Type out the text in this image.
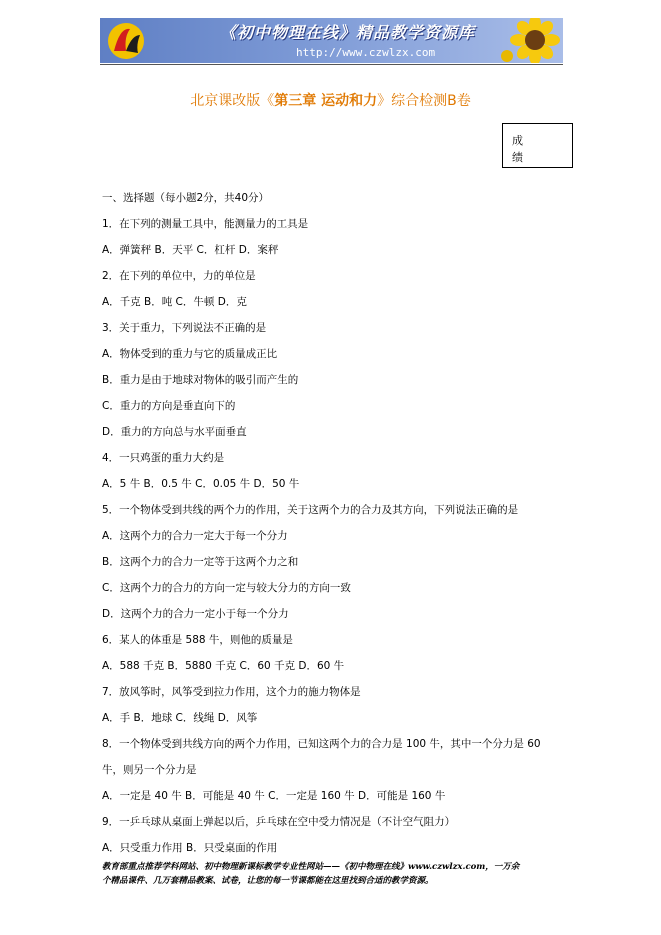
《初中物理在线》精品教学资源库
http://www.czwlzx.com
北京课改版《第三章 运动和力》综合检测B卷
成
绩
一、选择题（每小题2分，共40分）
1．在下列的测量工具中，能测量力的工具是
A．弹簧秤 B．天平 C．杠杆 D．案秤
2．在下列的单位中，力的单位是
A．千克 B．吨 C．牛顿 D．克
3．关于重力，下列说法不正确的是
A．物体受到的重力与它的质量成正比
B．重力是由于地球对物体的吸引而产生的
C．重力的方向是垂直向下的
D．重力的方向总与水平面垂直
4．一只鸡蛋的重力大约是
A．5 牛 B．0.5 牛 C．0.05 牛 D．50 牛
5．一个物体受到共线的两个力的作用，关于这两个力的合力及其方向，下列说法正确的是
A．这两个力的合力一定大于每一个分力
B．这两个力的合力一定等于这两个力之和
C．这两个力的合力的方向一定与较大分力的方向一致
D．这两个力的合力一定小于每一个分力
6．某人的体重是 588 牛，则他的质量是
A．588 千克 B．5880 千克 C．60 千克 D．60 牛
7．放风筝时，风筝受到拉力作用，这个力的施力物体是
A．手 B．地球 C．线绳 D．风筝
8．一个物体受到共线方向的两个力作用，已知这两个力的合力是 100 牛，其中一个分力是 60
牛，则另一个分力是
A．一定是 40 牛 B．可能是 40 牛 C．一定是 160 牛 D．可能是 160 牛
9．一乒乓球从桌面上弹起以后，乒乓球在空中受力情况是（不计空气阻力）
A．只受重力作用 B．只受桌面的作用
教育部重点推荐学科网站、初中物理新课标教学专业性网站——《初中物理在线》www.czwlzx.com，一万余
个精品课件、几万套精品教案、试卷，让您的每一节课都能在这里找到合适的教学资源。
